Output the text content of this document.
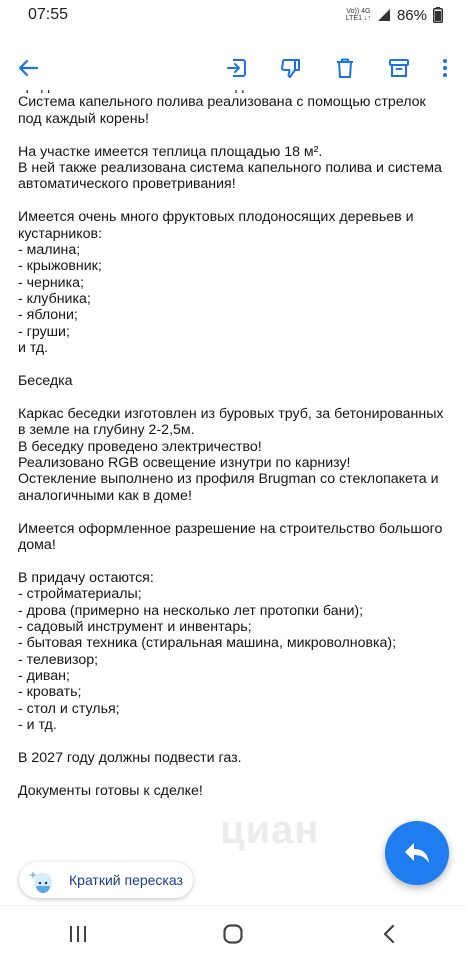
07:55	Vo)) 4G
LTE1 ↓↑ 86%
Система капельного полива реализована с помощью стрелок
под каждый корень!
На участке имеется теплица площадью 18 м².
В ней также реализована система капельного полива и система
автоматического проветривания!
Имеется очень много фруктовых плодоносящих деревьев и
кустарников:
- малина;
- крыжовник;
- черника;
- клубника;
- яблони;
- груши;
и тд.
Беседка
Каркас беседки изготовлен из буровых труб, за бетонированных
в земле на глубину 2-2,5м.
В беседку проведено электричество!
Реализовано RGB освещение изнутри по карнизу!
Остекление выполнено из профиля Brugman со стеклопакета и
аналогичными как в доме!
Имеется оформленное разрешение на строительство большого
дома!
В придачу остаются:
- стройматериалы;
- дрова (примерно на несколько лет протопки бани);
- садовый инструмент и инвентарь;
- бытовая техника (стиральная машина, микроволновка);
- телевизор;
- диван;
- кровать;
- стол и стулья;
- и тд.
В 2027 году должны подвести газ.
Документы готовы к сделке!
циан
Краткий пересказ
